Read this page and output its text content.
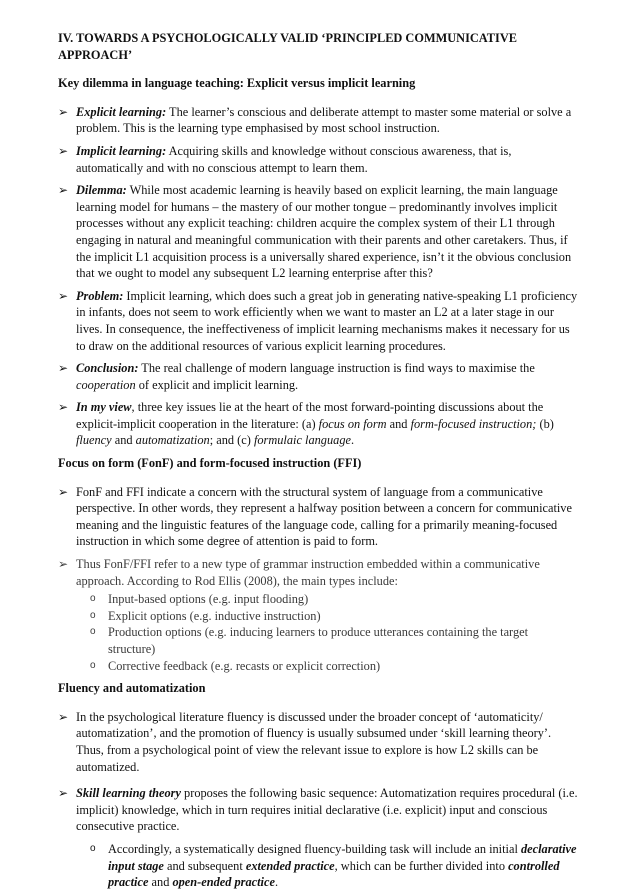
IV. TOWARDS A PSYCHOLOGICALLY VALID ‘PRINCIPLED COMMUNICATIVE APPROACH’
Key dilemma in language teaching: Explicit versus implicit learning
➢ Explicit learning: The learner’s conscious and deliberate attempt to master some material or solve a problem. This is the learning type emphasised by most school instruction.
➢ Implicit learning: Acquiring skills and knowledge without conscious awareness, that is, automatically and with no conscious attempt to learn them.
➢ Dilemma: While most academic learning is heavily based on explicit learning, the main language learning model for humans – the mastery of our mother tongue – predominantly involves implicit processes without any explicit teaching: children acquire the complex system of their L1 through engaging in natural and meaningful communication with their parents and other caretakers. Thus, if the implicit L1 acquisition process is a universally shared experience, isn’t it the obvious conclusion that we ought to model any subsequent L2 learning enterprise after this?
➢ Problem: Implicit learning, which does such a great job in generating native-speaking L1 proficiency in infants, does not seem to work efficiently when we want to master an L2 at a later stage in our lives. In consequence, the ineffectiveness of implicit learning mechanisms makes it necessary for us to draw on the additional resources of various explicit learning procedures.
➢ Conclusion: The real challenge of modern language instruction is find ways to maximise the cooperation of explicit and implicit learning.
➢ In my view, three key issues lie at the heart of the most forward-pointing discussions about the explicit-implicit cooperation in the literature: (a) focus on form and form-focused instruction; (b) fluency and automatization; and (c) formulaic language.
Focus on form (FonF) and form-focused instruction (FFI)
➢ FonF and FFI indicate a concern with the structural system of language from a communicative perspective. In other words, they represent a halfway position between a concern for communicative meaning and the linguistic features of the language code, calling for a primarily meaning-focused instruction in which some degree of attention is paid to form.
➢ Thus FonF/FFI refer to a new type of grammar instruction embedded within a communicative approach. According to Rod Ellis (2008), the main types include:
o Input-based options (e.g. input flooding)
o Explicit options (e.g. inductive instruction)
o Production options (e.g. inducing learners to produce utterances containing the target structure)
o Corrective feedback (e.g. recasts or explicit correction)
Fluency and automatization
➢ In the psychological literature fluency is discussed under the broader concept of ‘automaticity/ automatization’, and the promotion of fluency is usually subsumed under ‘skill learning theory’. Thus, from a psychological point of view the relevant issue to explore is how L2 skills can be automatized.
➢ Skill learning theory proposes the following basic sequence: Automatization requires procedural (i.e. implicit) knowledge, which in turn requires initial declarative (i.e. explicit) input and conscious consecutive practice.
o Accordingly, a systematically designed fluency-building task will include an initial declarative input stage and subsequent extended practice, which can be further divided into controlled practice and open-ended practice.
